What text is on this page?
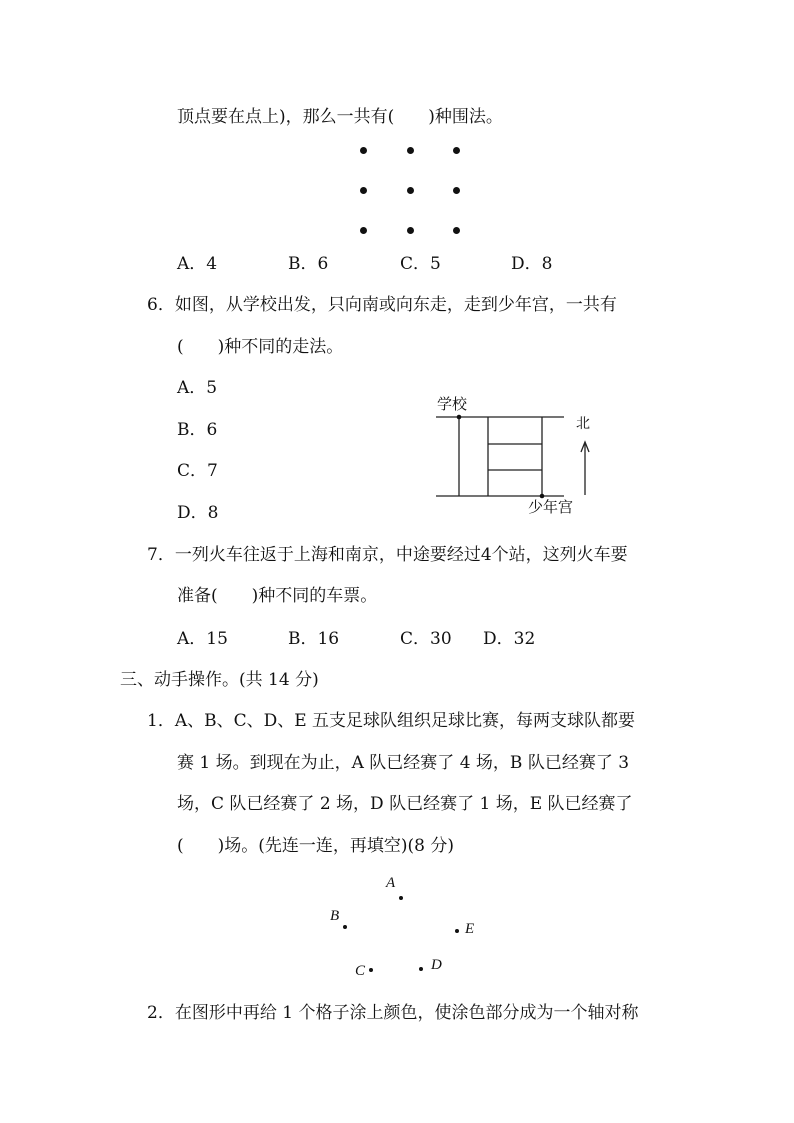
顶点要在点上)，那么一共有(　　)种围法。
A．4	B．6	C．5	D．8
6．如图，从学校出发，只向南或向东走，走到少年宫，一共有
(　　)种不同的走法。
A．5
B．6
C．7
D．8
学校
少年宫
北
7．一列火车往返于上海和南京，中途要经过4个站，这列火车要
准备(　　)种不同的车票。
A．15	B．16	C．30 D．32
三、动手操作。(共 14 分)
1．A、B、C、D、E 五支足球队组织足球比赛，每两支球队都要
赛 1 场。到现在为止，A 队已经赛了 4 场，B 队已经赛了 3
场，C 队已经赛了 2 场，D 队已经赛了 1 场，E 队已经赛了
(　　)场。(先连一连，再填空)(8 分)
A
B
E
C	D
2．在图形中再给 1 个格子涂上颜色，使涂色部分成为一个轴对称
